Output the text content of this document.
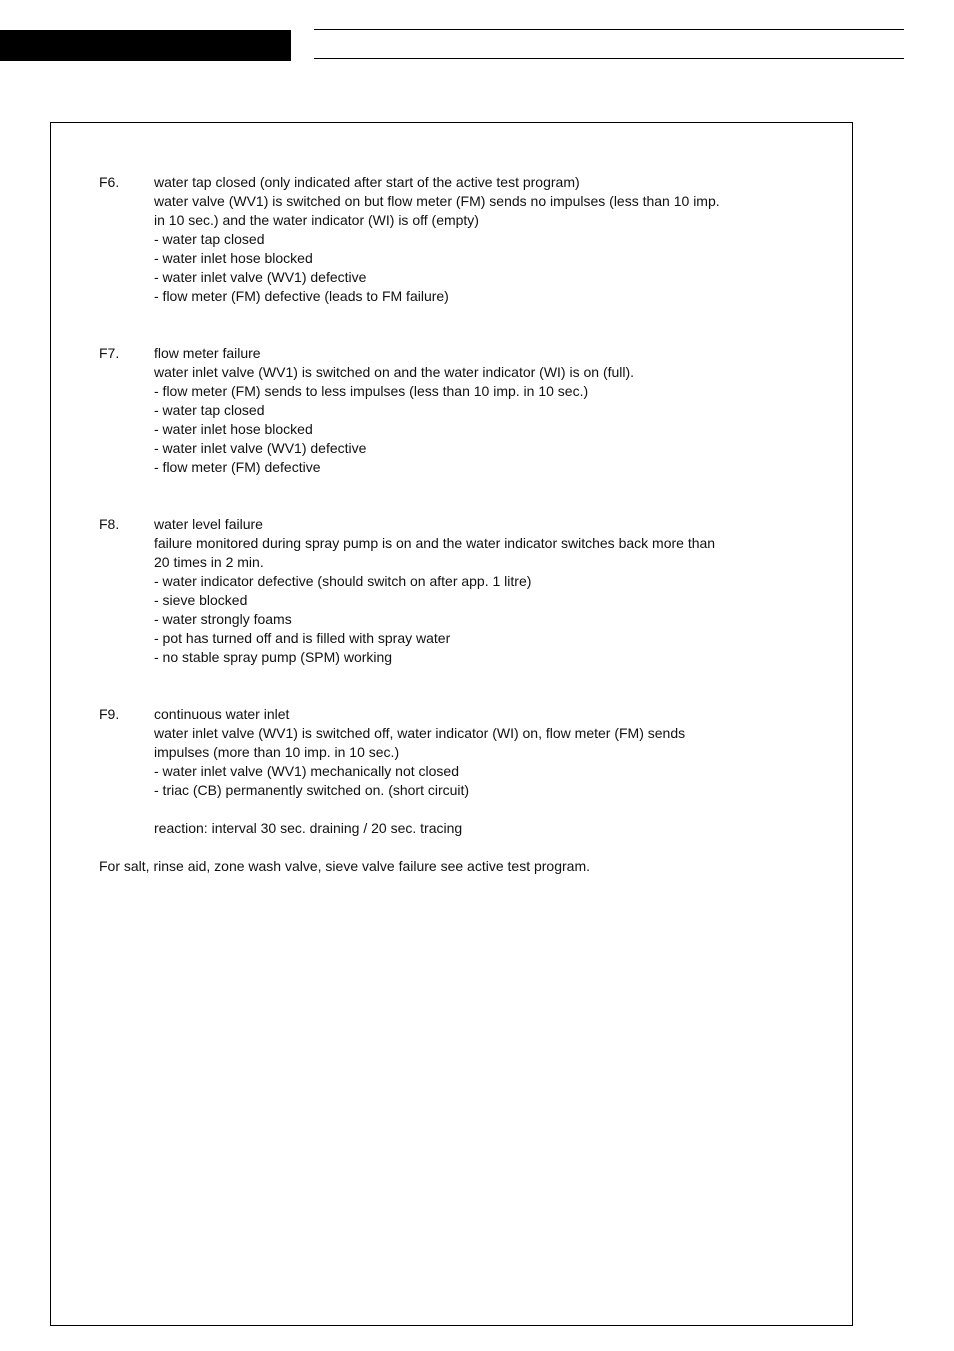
F6. water tap closed (only indicated after start of the active test program)
water valve (WV1) is switched on but flow meter (FM) sends no impulses (less than 10 imp.
in 10 sec.) and the water indicator (WI) is off (empty)
- water tap closed
- water inlet hose blocked
- water inlet valve (WV1) defective
- flow meter (FM) defective (leads to FM failure)
F7. flow meter failure
water inlet valve (WV1) is switched on and the water indicator (WI) is on (full).
- flow meter (FM) sends to less impulses (less than 10 imp. in 10 sec.)
- water tap closed
- water inlet hose blocked
- water inlet valve (WV1) defective
- flow meter (FM) defective
F8. water level failure
failure monitored during spray pump is on and the water indicator switches back more than
20 times in 2 min.
- water indicator defective (should switch on after app. 1 litre)
- sieve blocked
- water strongly foams
- pot has turned off and is filled with spray water
- no stable spray pump (SPM) working
F9. continuous water inlet
water inlet valve (WV1) is switched off, water indicator (WI) on, flow meter (FM) sends
impulses (more than 10 imp. in 10 sec.)
- water inlet valve (WV1) mechanically not closed
- triac (CB) permanently switched on. (short circuit)
reaction: interval 30 sec. draining / 20 sec. tracing
For salt, rinse aid, zone wash valve, sieve valve failure see active test program.
